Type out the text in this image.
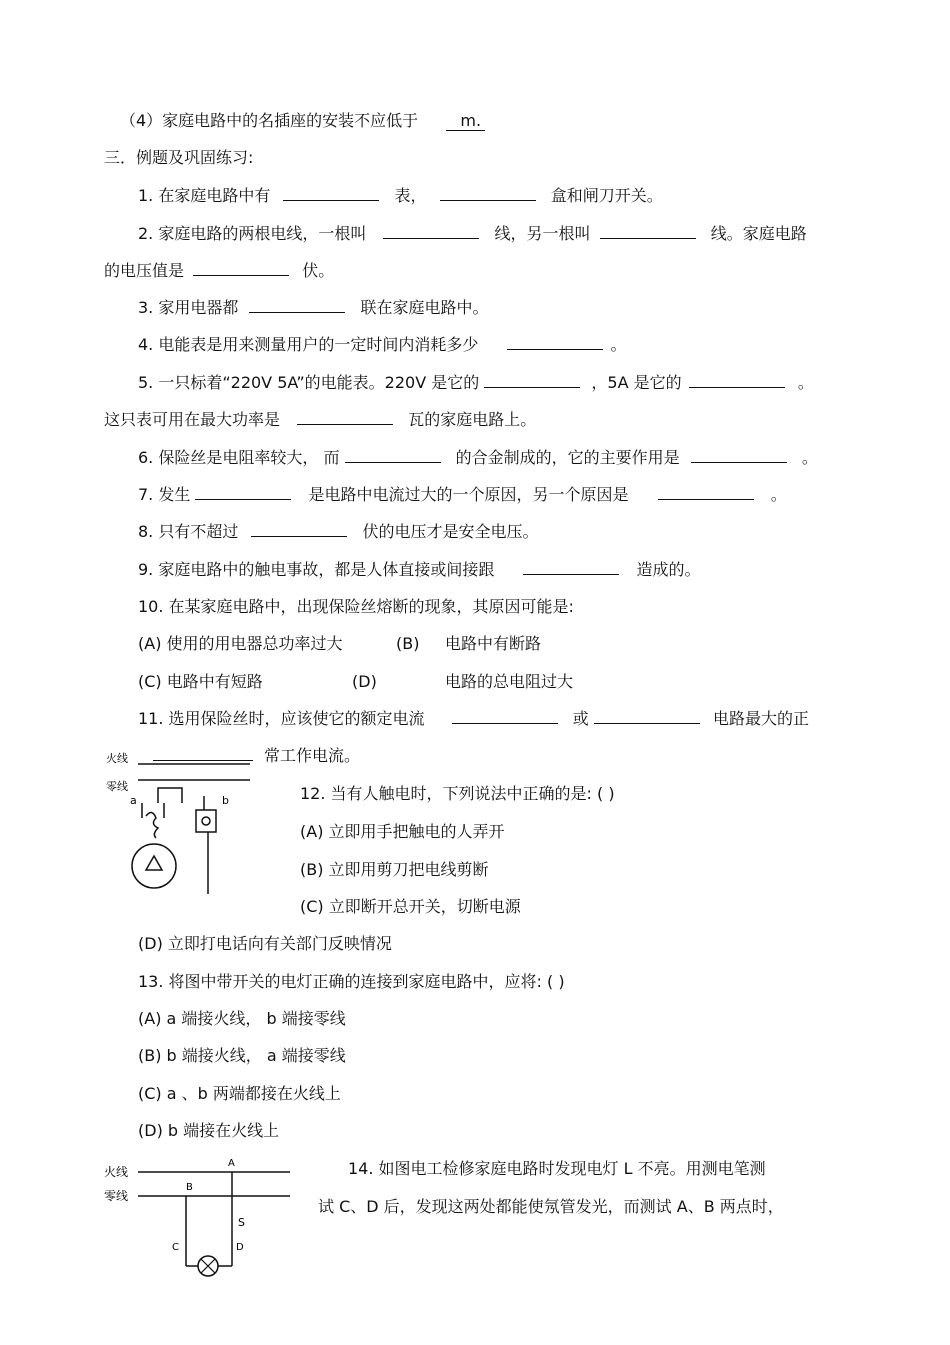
（4）家庭电路中的名插座的安装不应低于	m.
三．例题及巩固练习:
1. 在家庭电路中有	表，	盒和闸刀开关。
2. 家庭电路的两根电线，一根叫	线，另一根叫	线。家庭电路
的电压值是	伏。
3. 家用电器都	联在家庭电路中。
4. 电能表是用来测量用户的一定时间内消耗多少	。
5. 一只标着“220V 5A”的电能表。220V 是它的	，5A 是它的	。
这只表可用在最大功率是	瓦的家庭电路上。
6. 保险丝是电阻率较大， 而	的合金制成的，它的主要作用是	。
7. 发生	是电路中电流过大的一个原因，另一个原因是	。
8. 只有不超过	伏的电压才是安全电压。
9. 家庭电路中的触电事故，都是人体直接或间接跟	造成的。
10. 在某家庭电路中，出现保险丝熔断的现象，其原因可能是:
(A) 使用的用电器总功率过大	(B) 电路中有断路
(C) 电路中有短路	(D)	电路的总电阻过大
11. 选用保险丝时，应该使它的额定电流	或	电路最大的正
常工作电流。
火线
零线
a	b
	12. 当有人触电时，下列说法中正确的是: ( )
(A) 立即用手把触电的人弄开
(B) 立即用剪刀把电线剪断
(C) 立即断开总开关，切断电源
(D) 立即打电话向有关部门反映情况
13. 将图中带开关的电灯正确的连接到家庭电路中，应将: ( )
(A) a 端接火线， b 端接零线
(B) b 端接火线， a 端接零线
(C) a 、b 两端都接在火线上
(D) b 端接在火线上
火线
零线
A
B
S
C	D
14. 如图电工检修家庭电路时发现电灯 L 不亮。用测电笔测
试 C、D 后，发现这两处都能使氖管发光，而测试 A、B 两点时，
